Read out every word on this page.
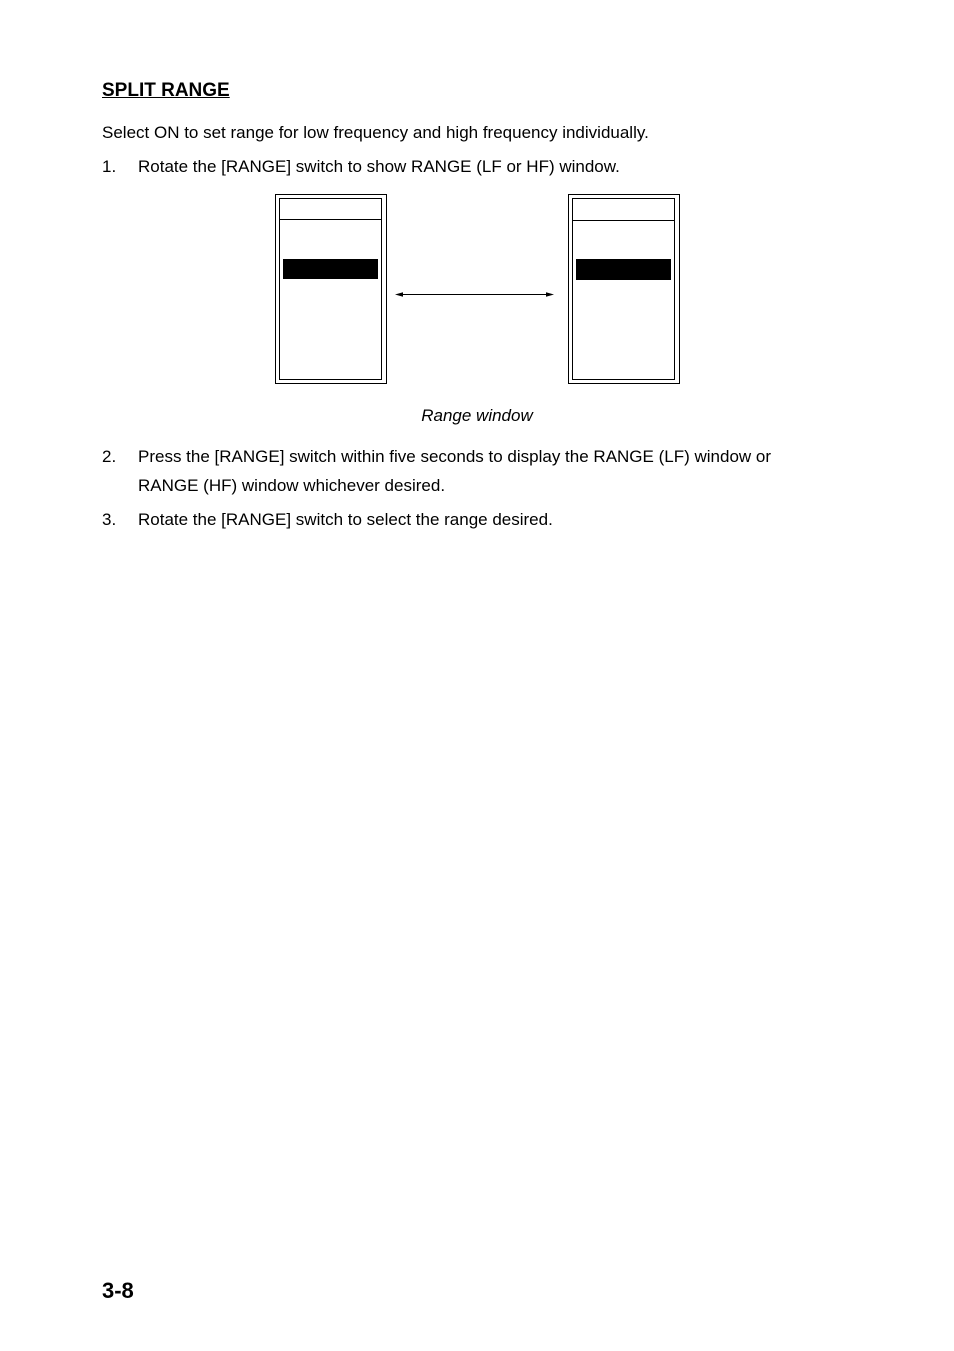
SPLIT RANGE

Select ON to set range for low frequency and high frequency individually.

1. Rotate the [RANGE] switch to show RANGE (LF or HF) window.

Range window

2. Press the [RANGE] switch within five seconds to display the RANGE (LF) window or RANGE (HF) window whichever desired.
3. Rotate the [RANGE] switch to select the range desired.

3-8
